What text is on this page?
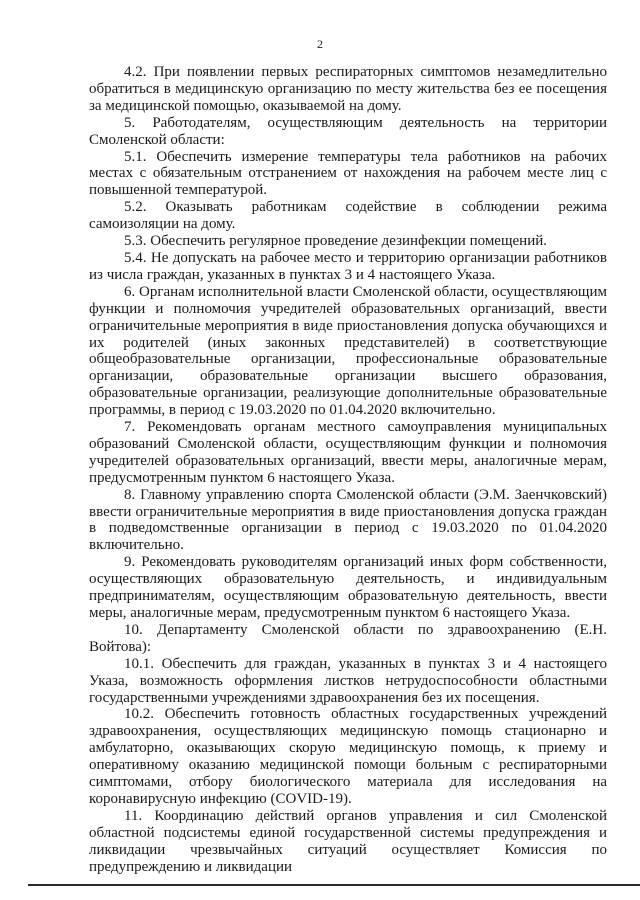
2

4.2. При появлении первых респираторных симптомов незамедлительно обратиться в медицинскую организацию по месту жительства без ее посещения за медицинской помощью, оказываемой на дому.

5. Работодателям, осуществляющим деятельность на территории Смоленской области:

5.1. Обеспечить измерение температуры тела работников на рабочих местах с обязательным отстранением от нахождения на рабочем месте лиц с повышенной температурой.

5.2. Оказывать работникам содействие в соблюдении режима самоизоляции на дому.

5.3. Обеспечить регулярное проведение дезинфекции помещений.

5.4. Не допускать на рабочее место и территорию организации работников из числа граждан, указанных в пунктах 3 и 4 настоящего Указа.

6. Органам исполнительной власти Смоленской области, осуществляющим функции и полномочия учредителей образовательных организаций, ввести ограничительные мероприятия в виде приостановления допуска обучающихся и их родителей (иных законных представителей) в соответствующие общеобразовательные организации, профессиональные образовательные организации, образовательные организации высшего образования, образовательные организации, реализующие дополнительные образовательные программы, в период с 19.03.2020 по 01.04.2020 включительно.

7. Рекомендовать органам местного самоуправления муниципальных образований Смоленской области, осуществляющим функции и полномочия учредителей образовательных организаций, ввести меры, аналогичные мерам, предусмотренным пунктом 6 настоящего Указа.

8. Главному управлению спорта Смоленской области (Э.М. Заенчковский) ввести ограничительные мероприятия в виде приостановления допуска граждан в подведомственные организации в период с 19.03.2020 по 01.04.2020 включительно.

9. Рекомендовать руководителям организаций иных форм собственности, осуществляющих образовательную деятельность, и индивидуальным предпринимателям, осуществляющим образовательную деятельность, ввести меры, аналогичные мерам, предусмотренным пунктом 6 настоящего Указа.

10. Департаменту Смоленской области по здравоохранению (Е.Н. Войтова):

10.1. Обеспечить для граждан, указанных в пунктах 3 и 4 настоящего Указа, возможность оформления листков нетрудоспособности областными государственными учреждениями здравоохранения без их посещения.

10.2. Обеспечить готовность областных государственных учреждений здравоохранения, осуществляющих медицинскую помощь стационарно и амбулаторно, оказывающих скорую медицинскую помощь, к приему и оперативному оказанию медицинской помощи больным с респираторными симптомами, отбору биологического материала для исследования на коронавирусную инфекцию (COVID-19).

11. Координацию действий органов управления и сил Смоленской областной подсистемы единой государственной системы предупреждения и ликвидации чрезвычайных ситуаций осуществляет Комиссия по предупреждению и ликвидации
